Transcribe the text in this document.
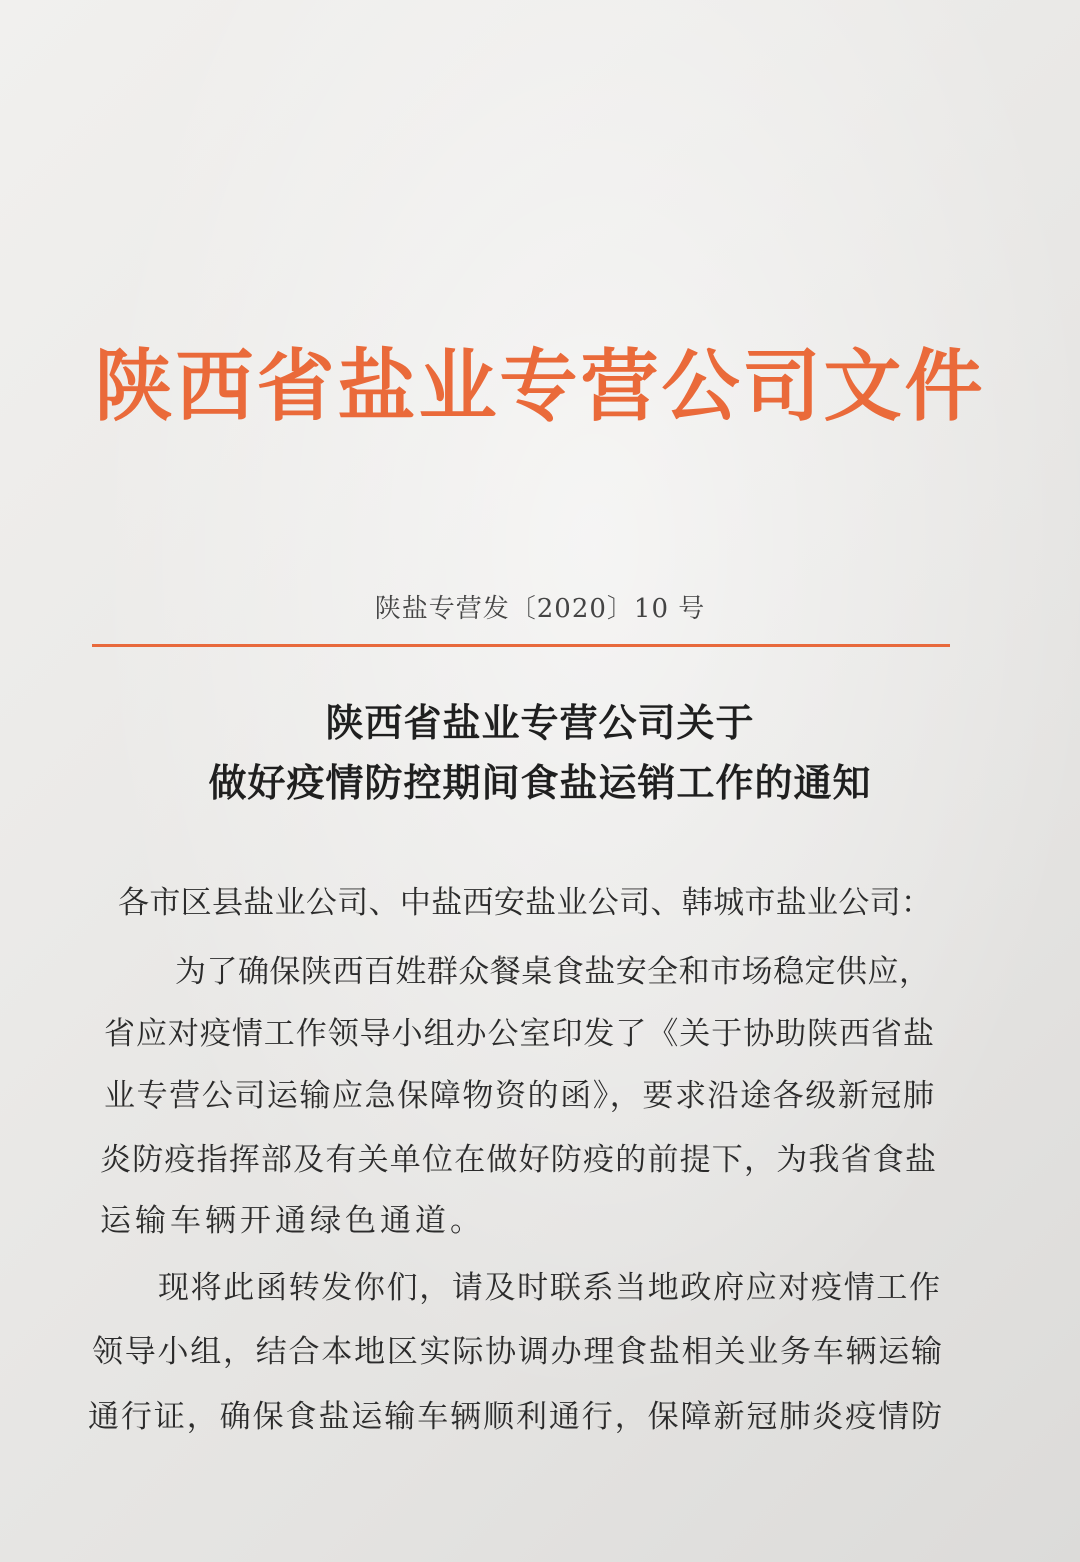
陕西省盐业专营公司文件
陕盐专营发〔2020〕10 号
陕西省盐业专营公司关于
做好疫情防控期间食盐运销工作的通知
各市区县盐业公司、中盐西安盐业公司、韩城市盐业公司：
为了确保陕西百姓群众餐桌食盐安全和市场稳定供应，
省应对疫情工作领导小组办公室印发了《关于协助陕西省盐
业专营公司运输应急保障物资的函》，要求沿途各级新冠肺
炎防疫指挥部及有关单位在做好防疫的前提下，为我省食盐
运输车辆开通绿色通道。
现将此函转发你们，请及时联系当地政府应对疫情工作
领导小组，结合本地区实际协调办理食盐相关业务车辆运输
通行证，确保食盐运输车辆顺利通行，保障新冠肺炎疫情防
